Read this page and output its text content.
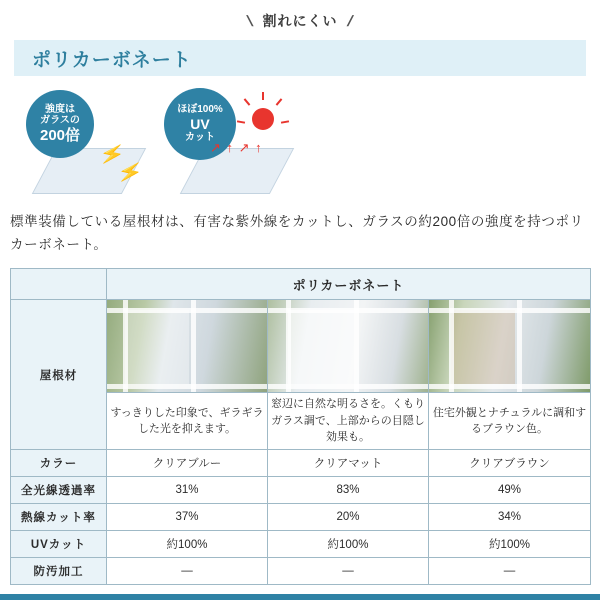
\ 割れにくい /
ポリカーボネート
強度は
ガラスの
200倍
ほぼ100%
UV
カット
⚡
⚡
↗ ↑ ↗ ↑
標準装備している屋根材は、有害な紫外線をカットし、ガラスの約200倍の強度を持つポリカーボネート。
	ポリカーボネート		
屋根材	

	すっきりした印象で、ギラギラした光を抑えます。	窓辺に自然な明るさを。くもりガラス調で、上部からの目隠し効果も。	住宅外観とナチュラルに調和するブラウン色。
カラー	クリアブルー	クリアマット	クリアブラウン
全光線透過率	31%	83%	49%
熱線カット率	37%	20%	34%
UVカット	約100%	約100%	約100%
防汚加工	—	—	—
